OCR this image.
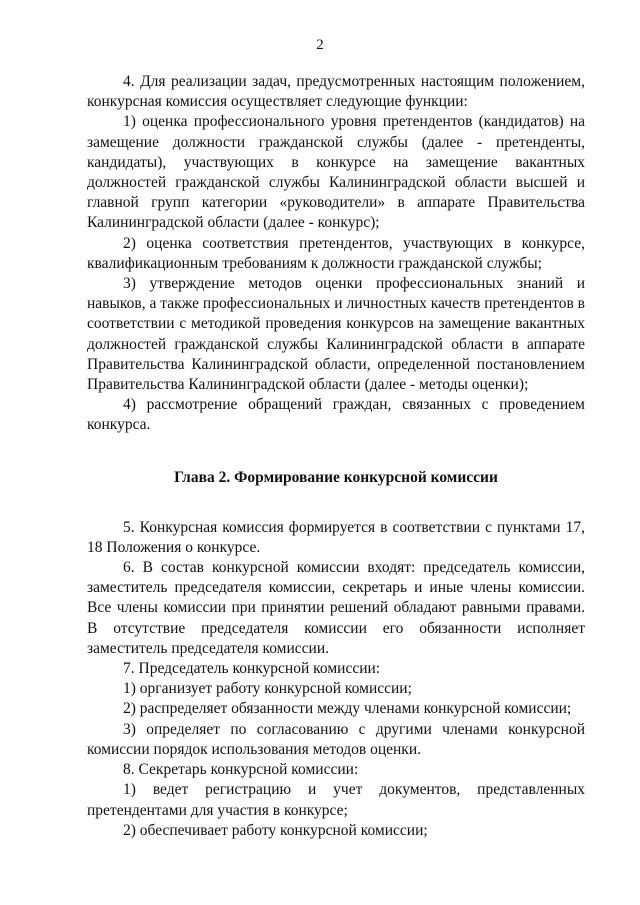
2

4. Для реализации задач, предусмотренных настоящим положением, конкурсная комиссия осуществляет следующие функции:

1) оценка профессионального уровня претендентов (кандидатов) на замещение должности гражданской службы (далее - претенденты, кандидаты), участвующих в конкурсе на замещение вакантных должностей гражданской службы Калининградской области высшей и главной групп категории «руководители» в аппарате Правительства Калининградской области (далее - конкурс);

2) оценка соответствия претендентов, участвующих в конкурсе, квалификационным требованиям к должности гражданской службы;

3) утверждение методов оценки профессиональных знаний и навыков, а также профессиональных и личностных качеств претендентов в соответствии с методикой проведения конкурсов на замещение вакантных должностей гражданской службы Калининградской области в аппарате Правительства Калининградской области, определенной постановлением Правительства Калининградской области (далее - методы оценки);

4) рассмотрение обращений граждан, связанных с проведением конкурса.

Глава 2. Формирование конкурсной комиссии

5. Конкурсная комиссия формируется в соответствии с пунктами 17, 18 Положения о конкурсе.

6. В состав конкурсной комиссии входят: председатель комиссии, заместитель председателя комиссии, секретарь и иные члены комиссии. Все члены комиссии при принятии решений обладают равными правами. В отсутствие председателя комиссии его обязанности исполняет заместитель председателя комиссии.

7. Председатель конкурсной комиссии:

1) организует работу конкурсной комиссии;

2) распределяет обязанности между членами конкурсной комиссии;

3) определяет по согласованию с другими членами конкурсной комиссии порядок использования методов оценки.

8. Секретарь конкурсной комиссии:

1) ведет регистрацию и учет документов, представленных претендентами для участия в конкурсе;

2) обеспечивает работу конкурсной комиссии;
